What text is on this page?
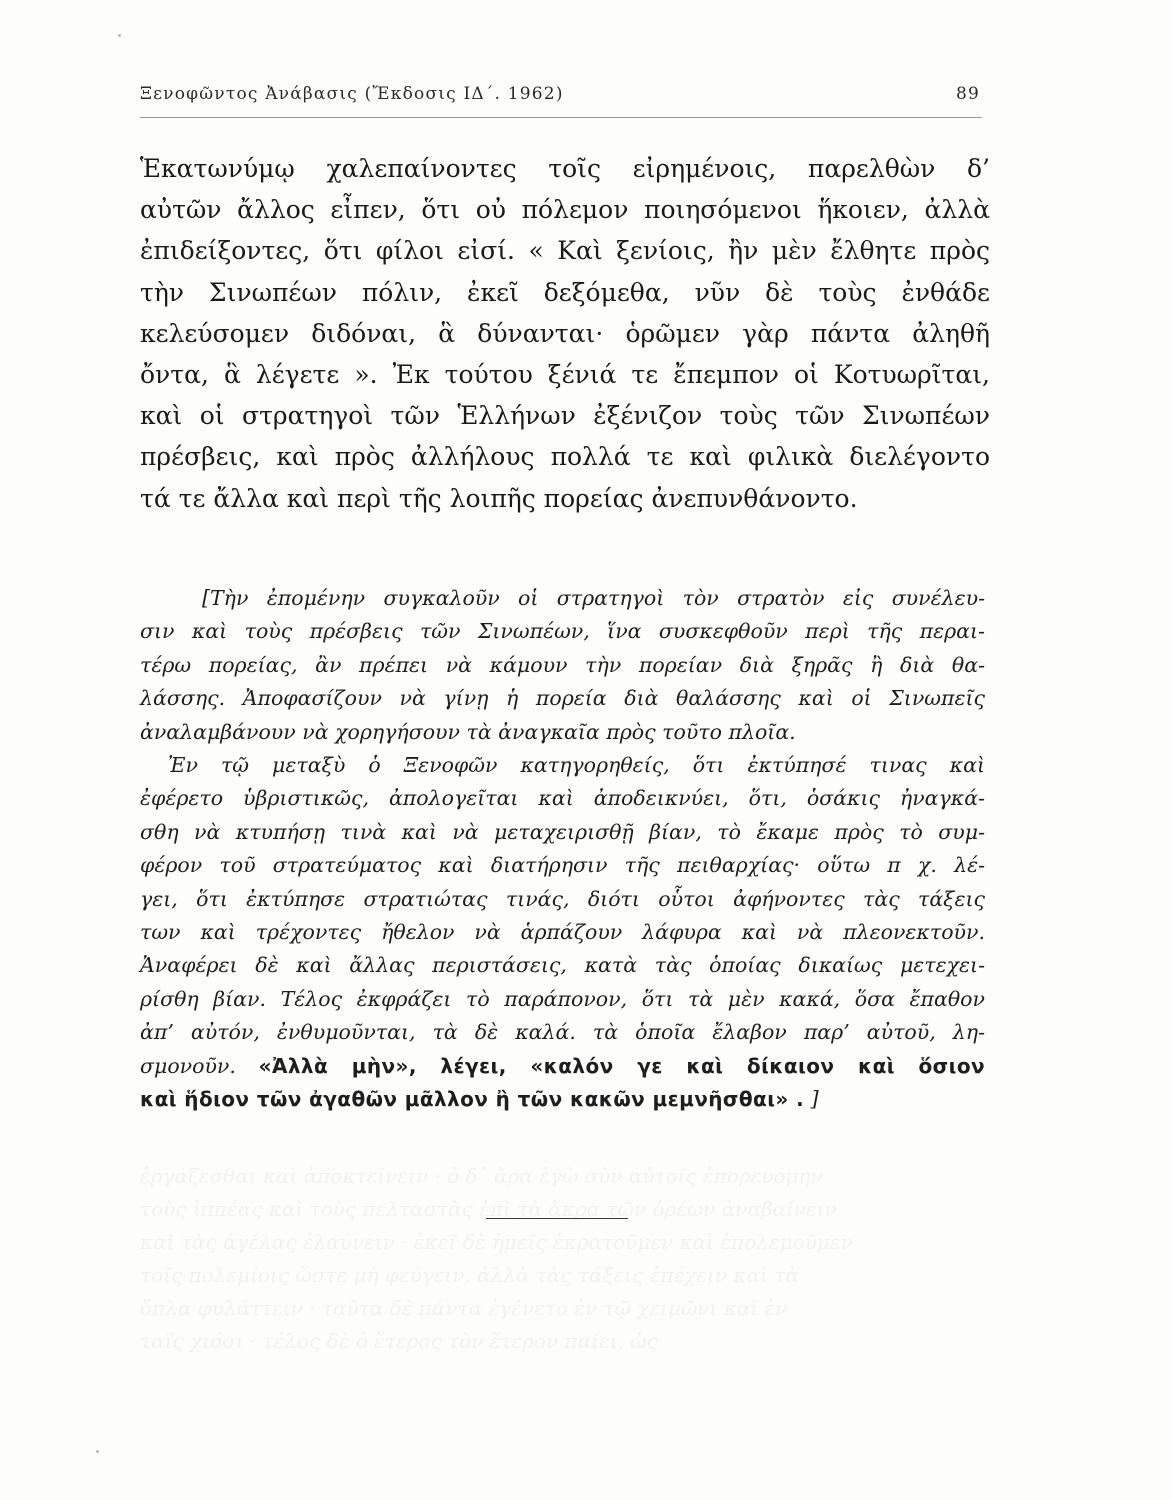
Ξενοφῶντος Ἀνάβασις (Ἔκδοσις ΙΔ΄. 1962)	89
Ἑκατωνύμῳ χαλεπαίνοντες τοῖς εἰρημένοις, παρελθὼν δ’
αὐτῶν ἄλλος εἶπεν, ὅτι οὐ πόλεμον ποιησόμενοι ἥκοιεν, ἀλλὰ
ἐπιδείξοντες, ὅτι φίλοι εἰσί. « Καὶ ξενίοις, ἢν μὲν ἔλθητε πρὸς
τὴν Σινωπέων πόλιν, ἐκεῖ δεξόμεθα, νῦν δὲ τοὺς ἐνθάδε
κελεύσομεν διδόναι, ἃ δύνανται· ὁρῶμεν γὰρ πάντα ἀληθῆ
ὄντα, ἃ λέγετε ». Ἐκ τούτου ξένιά τε ἔπεμπον οἱ Κοτυωρῖται,
καὶ οἱ στρατηγοὶ τῶν Ἑλλήνων ἐξένιζον τοὺς τῶν Σινωπέων
πρέσβεις, καὶ πρὸς ἀλλήλους πολλά τε καὶ φιλικὰ διελέγοντο
τά τε ἄλλα καὶ περὶ τῆς λοιπῆς πορείας ἀνεπυνθάνοντο.
[Τὴν ἐπομένην συγκαλοῦν οἱ στρατηγοὶ τὸν στρατὸν εἰς συνέλευ-
σιν καὶ τοὺς πρέσβεις τῶν Σινωπέων, ἵνα συσκεφθοῦν περὶ τῆς περαι-
τέρω πορείας, ἂν πρέπει νὰ κάμουν τὴν πορείαν διὰ ξηρᾶς ἢ διὰ θα-
λάσσης. Ἀποφασίζουν νὰ γίνῃ ἡ πορεία διὰ θαλάσσης καὶ οἱ Σινωπεῖς
ἀναλαμβάνουν νὰ χορηγήσουν τὰ ἀναγκαῖα πρὸς τοῦτο πλοῖα.
Ἐν τῷ μεταξὺ ὁ Ξενοφῶν κατηγορηθείς, ὅτι ἐκτύπησέ τινας καὶ
ἐφέρετο ὑβριστικῶς, ἀπολογεῖται καὶ ἀποδεικνύει, ὅτι, ὁσάκις ἠναγκά-
σθη νὰ κτυπήσῃ τινὰ καὶ νὰ μεταχειρισθῇ βίαν, τὸ ἔκαμε πρὸς τὸ συμ-
φέρον τοῦ στρατεύματος καὶ διατήρησιν τῆς πειθαρχίας· οὕτω π χ. λέ-
γει, ὅτι ἐκτύπησε στρατιώτας τινάς, διότι οὗτοι ἀφήνοντες τὰς τάξεις
των καὶ τρέχοντες ἤθελον νὰ ἁρπάζουν λάφυρα καὶ νὰ πλεονεκτοῦν.
Ἀναφέρει δὲ καὶ ἄλλας περιστάσεις, κατὰ τὰς ὁποίας δικαίως μετεχει-
ρίσθη βίαν. Τέλος ἐκφράζει τὸ παράπονον, ὅτι τὰ μὲν κακά, ὅσα ἔπαθον
ἀπ’ αὐτόν, ἐνθυμοῦνται, τὰ δὲ καλά. τὰ ὁποῖα ἔλαβον παρ’ αὐτοῦ, λη-
σμονοῦν. «Ἀλλὰ μὴν», λέγει, «καλόν γε καὶ δίκαιον καὶ ὅσιον
καὶ ἥδιον τῶν ἀγαθῶν μᾶλλον ἢ τῶν κακῶν μεμνῆσθαι» . ]
